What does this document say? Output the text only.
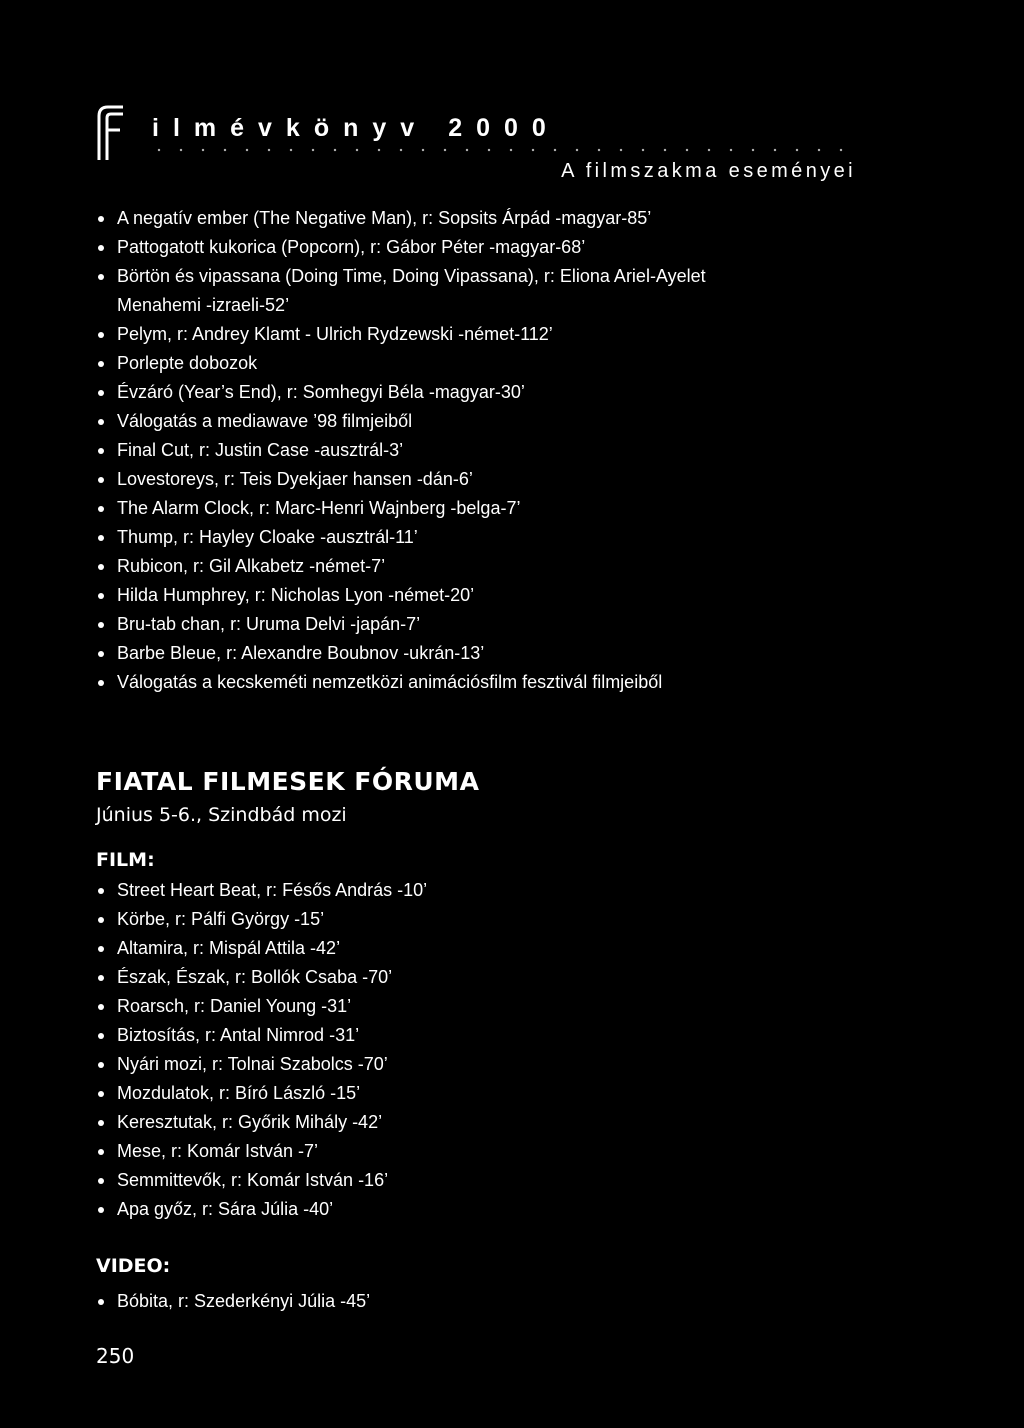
ilmévkönyv 2000
A filmszakma eseményei
A negatív ember (The Negative Man), r: Sopsits Árpád -magyar-85’
Pattogatott kukorica (Popcorn), r: Gábor Péter -magyar-68’
Börtön és vipassana (Doing Time, Doing Vipassana), r: Eliona Ariel-Ayelet
Menahemi -izraeli-52’
Pelym, r: Andrey Klamt - Ulrich Rydzewski -német-112’
Porlepte dobozok
Évzáró (Year’s End), r: Somhegyi Béla -magyar-30’
Válogatás a mediawave ’98 filmjeiből
Final Cut, r: Justin Case -ausztrál-3’
Lovestoreys, r: Teis Dyekjaer hansen -dán-6’
The Alarm Clock, r: Marc-Henri Wajnberg -belga-7’
Thump, r: Hayley Cloake -ausztrál-11’
Rubicon, r: Gil Alkabetz -német-7’
Hilda Humphrey, r: Nicholas Lyon -német-20’
Bru-tab chan, r: Uruma Delvi -japán-7’
Barbe Bleue, r: Alexandre Boubnov -ukrán-13’
Válogatás a kecskeméti nemzetközi animációsfilm fesztivál filmjeiből
FIATAL FILMESEK FÓRUMA
Június 5-6., Szindbád mozi
FILM:
Street Heart Beat, r: Fésős András -10’
Körbe, r: Pálfi György -15’
Altamira, r: Mispál Attila -42’
Észak, Észak, r: Bollók Csaba -70’
Roarsch, r: Daniel Young -31’
Biztosítás, r: Antal Nimrod -31’
Nyári mozi, r: Tolnai Szabolcs -70’
Mozdulatok, r: Bíró László -15’
Keresztutak, r: Győrik Mihály -42’
Mese, r: Komár István -7’
Semmittevők, r: Komár István -16’
Apa győz, r: Sára Júlia -40’
VIDEO:
Bóbita, r: Szederkényi Júlia -45’
250
